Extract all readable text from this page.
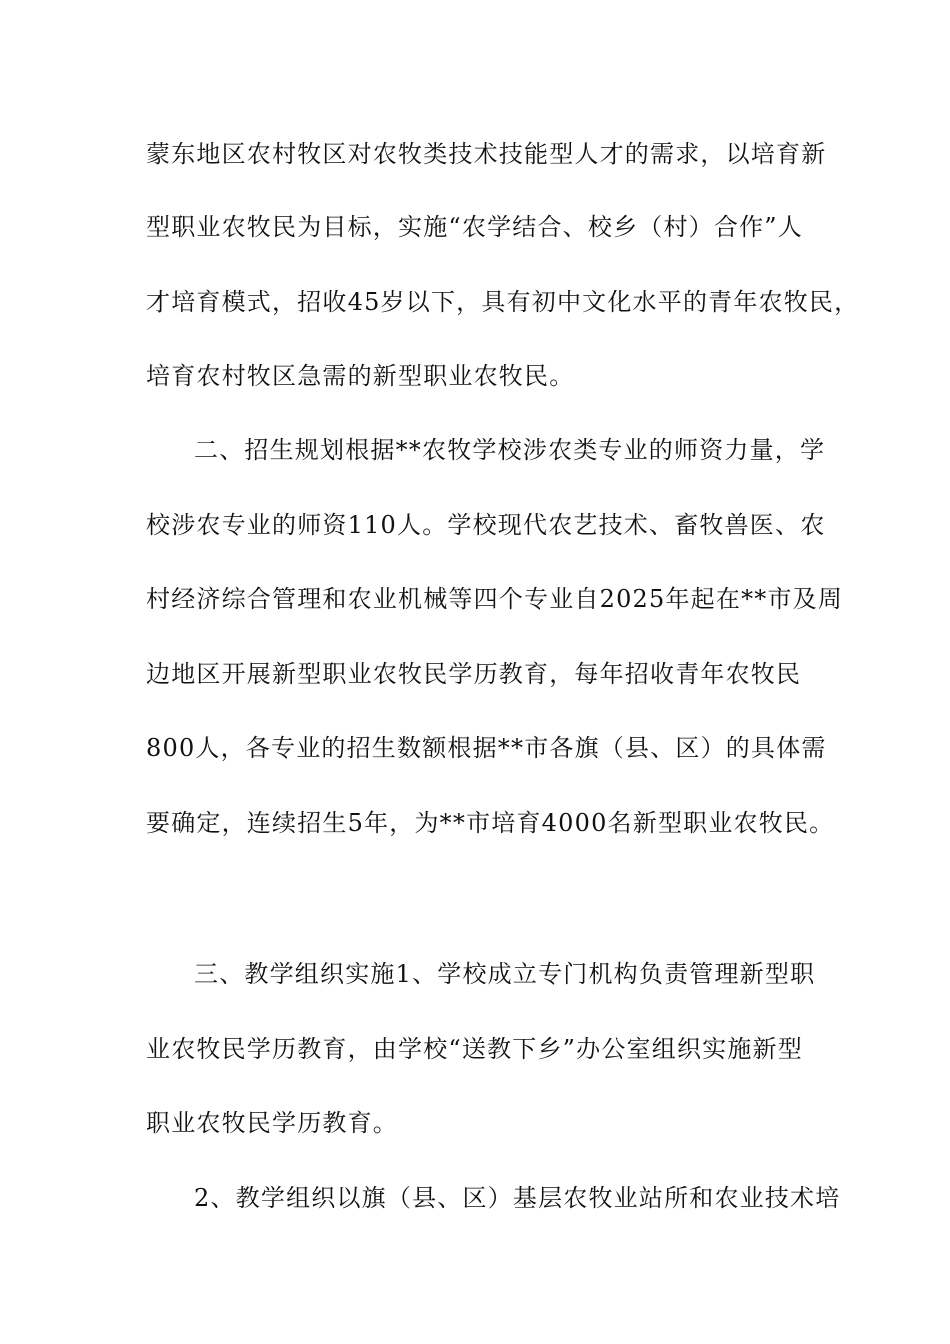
蒙东地区农村牧区对农牧类技术技能型人才的需求，以培育新
型职业农牧民为目标，实施“农学结合、校乡（村）合作”人
才培育模式，招收45岁以下，具有初中文化水平的青年农牧民，
培育农村牧区急需的新型职业农牧民。
二、招生规划根据**农牧学校涉农类专业的师资力量，学
校涉农专业的师资110人。学校现代农艺技术、畜牧兽医、农
村经济综合管理和农业机械等四个专业自2025年起在**市及周
边地区开展新型职业农牧民学历教育，每年招收青年农牧民
800人，各专业的招生数额根据**市各旗（县、区）的具体需
要确定，连续招生5年，为**市培育4000名新型职业农牧民。
三、教学组织实施1、学校成立专门机构负责管理新型职
业农牧民学历教育，由学校“送教下乡”办公室组织实施新型
职业农牧民学历教育。
2、教学组织以旗（县、区）基层农牧业站所和农业技术培
